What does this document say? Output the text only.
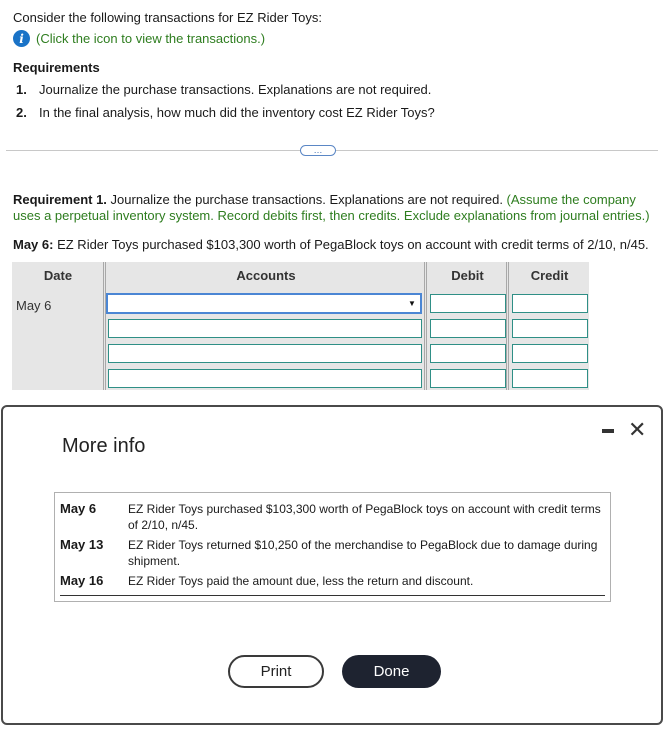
Consider the following transactions for EZ Rider Toys:
i (Click the icon to view the transactions.)
Requirements
1. Journalize the purchase transactions. Explanations are not required.
2. In the final analysis, how much did the inventory cost EZ Rider Toys?
…
Requirement 1. Journalize the purchase transactions. Explanations are not required. (Assume the company uses a perpetual inventory system. Record debits first, then credits. Exclude explanations from journal entries.)
May 6: EZ Rider Toys purchased $103,300 worth of PegaBlock toys on account with credit terms of 2/10, n/45.
Date	Accounts	Debit	Credit
May 6	▼
✕
More info
May 6	EZ Rider Toys purchased $103,300 worth of PegaBlock toys on account with credit terms of 2/10, n/45.
May 13	EZ Rider Toys returned $10,250 of the merchandise to PegaBlock due to damage during shipment.
May 16	EZ Rider Toys paid the amount due, less the return and discount.
Print	Done
